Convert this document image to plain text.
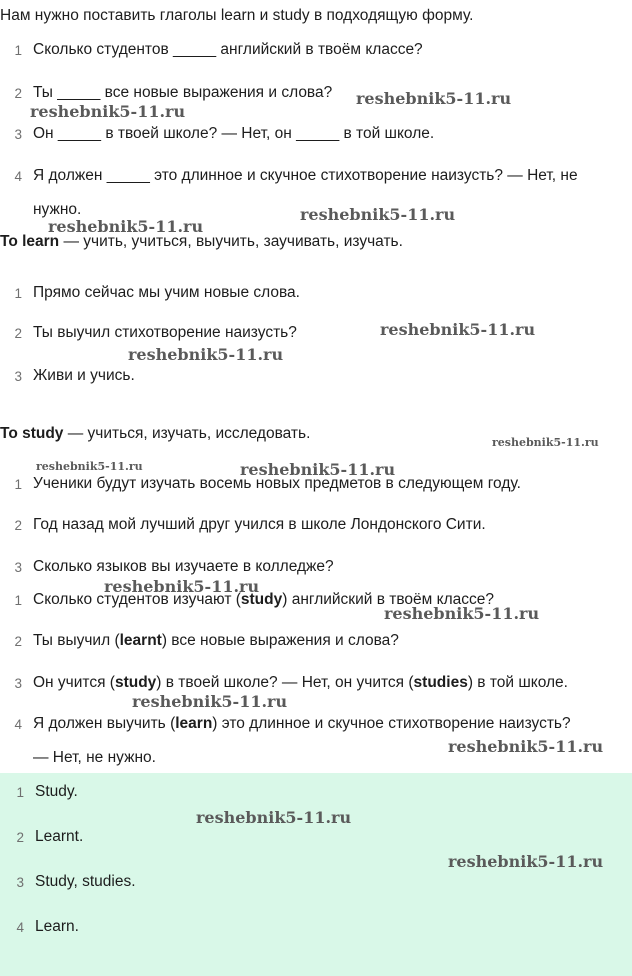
Нам нужно поставить глаголы learn и study в подходящую форму.
1 Сколько студентов _____ английский в твоём классе?
2 Ты _____ все новые выражения и слова?
3 Он _____ в твоей школе? — Нет, он _____ в той школе.
4 Я должен _____ это длинное и скучное стихотворение наизусть? — Нет, не
нужно.
To learn — учить, учиться, выучить, заучивать, изучать.
1 Прямо сейчас мы учим новые слова.
2 Ты выучил стихотворение наизусть?
3 Живи и учись.
To study — учиться, изучать, исследовать.
1 Ученики будут изучать восемь новых предметов в следующем году.
2 Год назад мой лучший друг учился в школе Лондонского Сити.
3 Сколько языков вы изучаете в колледже?
1 Сколько студентов изучают (study) английский в твоём классе?
2 Ты выучил (learnt) все новые выражения и слова?
3 Он учится (study) в твоей школе? — Нет, он учится (studies) в той школе.
4 Я должен выучить (learn) это длинное и скучное стихотворение наизусть?
— Нет, не нужно.
1 Study.
2 Learnt.
3 Study, studies.
4 Learn.
reshebnik5-11.ru
reshebnik5-11.ru
reshebnik5-11.ru
reshebnik5-11.ru
reshebnik5-11.ru
reshebnik5-11.ru
reshebnik5-11.ru
reshebnik5-11.ru	reshebnik5-11.ru
reshebnik5-11.ru
reshebnik5-11.ru
reshebnik5-11.ru
reshebnik5-11.ru
reshebnik5-11.ru
reshebnik5-11.ru
